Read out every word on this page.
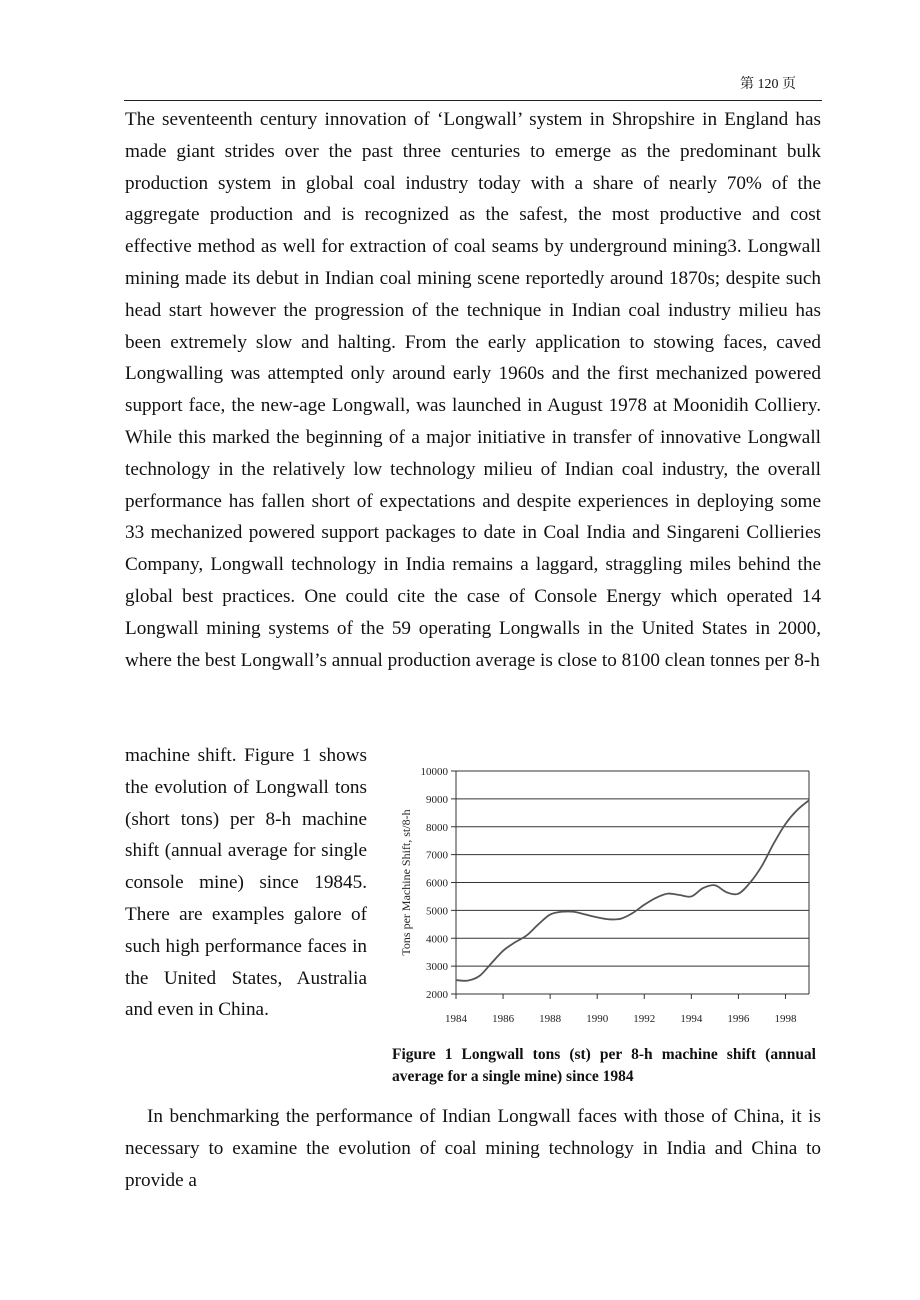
第 120 页

The seventeenth century innovation of ‘Longwall’ system in Shropshire in England has made giant strides over the past three centuries to emerge as the predominant bulk production system in global coal industry today with a share of nearly 70% of the aggregate production and is recognized as the safest, the most productive and cost effective method as well for extraction of coal seams by underground mining3. Longwall mining made its debut in Indian coal mining scene reportedly around 1870s; despite such head start however the progression of the technique in Indian coal industry milieu has been extremely slow and halting. From the early application to stowing faces, caved Longwalling was attempted only around early 1960s and the first mechanized powered support face, the new-age Longwall, was launched in August 1978 at Moonidih Colliery. While this marked the beginning of a major initiative in transfer of innovative Longwall technology in the relatively low technology milieu of Indian coal industry, the overall performance has fallen short of expectations and despite experiences in deploying some 33 mechanized powered support packages to date in Coal India and Singareni Collieries Company, Longwall technology in India remains a laggard, straggling miles behind the global best practices. One could cite the case of Console Energy which operated 14 Longwall mining systems of the 59 operating Longwalls in the United States in 2000, where the best Longwall’s annual production average is close to 8100 clean tonnes per 8-h

machine shift. Figure 1 shows the evolution of Longwall tons (short tons) per 8-h machine shift (annual average for single console mine) since 19845. There are examples galore of such high performance faces in the United States, Australia and even in China.

2000
3000
4000
5000
6000
7000
8000
9000
10000
1984 1986 1988 1990 1992 1994 1996 1998
Tons per Machine Shift, st/8-h
Figure 1 Longwall tons (st) per 8-h machine shift (annual average for a single mine) since 1984

In benchmarking the performance of Indian Longwall faces with those of China, it is necessary to examine the evolution of coal mining technology in India and China to provide a
